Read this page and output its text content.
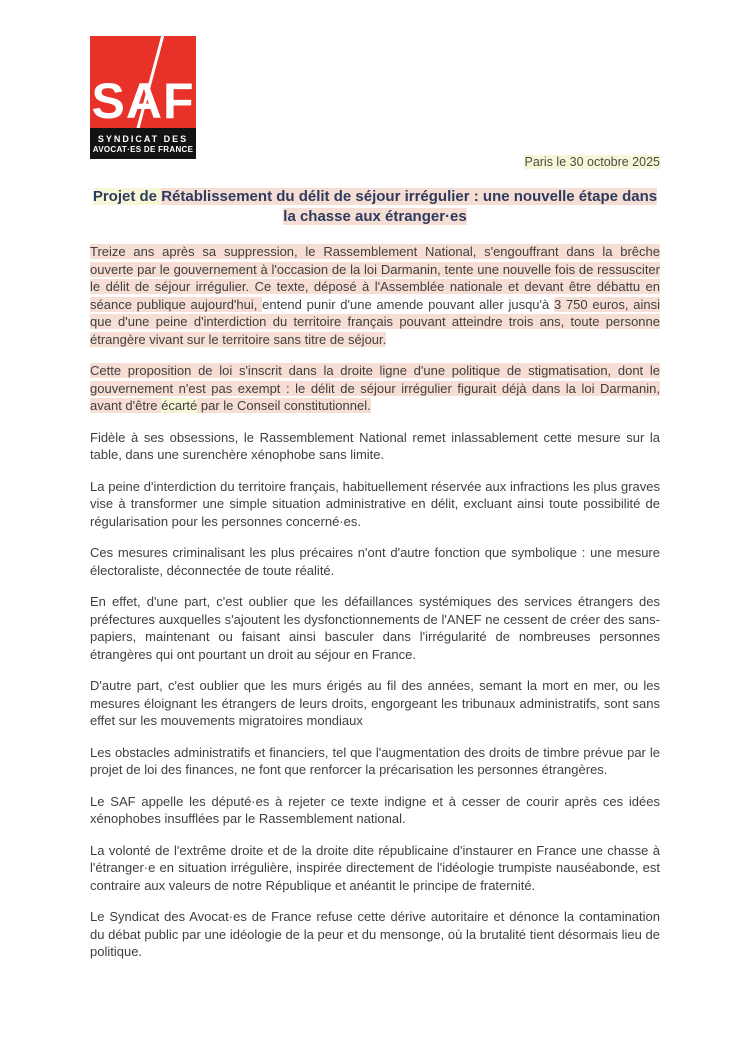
SAF
SYNDICAT DES
AVOCAT·ES DE FRANCE
Paris le 30 octobre 2025
Projet de Rétablissement du délit de séjour irrégulier : une nouvelle étape dans la chasse aux étranger·es

Treize ans après sa suppression, le Rassemblement National, s'engouffrant dans la brêche ouverte par le gouvernement à l'occasion de la loi Darmanin, tente une nouvelle fois de ressusciter le délit de séjour irrégulier. Ce texte, déposé à l'Assemblée nationale et devant être débattu en séance publique aujourd'hui, entend punir d'une amende pouvant aller jusqu'à 3 750 euros, ainsi que d'une peine d'interdiction du territoire français pouvant atteindre trois ans, toute personne étrangère vivant sur le territoire sans titre de séjour.

Cette proposition de loi s'inscrit dans la droite ligne d'une politique de stigmatisation, dont le gouvernement n'est pas exempt : le délit de séjour irrégulier figurait déjà dans la loi Darmanin, avant d'être écarté par le Conseil constitutionnel.

Fidèle à ses obsessions, le Rassemblement National remet inlassablement cette mesure sur la table, dans une surenchère xénophobe sans limite.

La peine d'interdiction du territoire français, habituellement réservée aux infractions les plus graves vise à transformer une simple situation administrative en délit, excluant ainsi toute possibilité de régularisation pour les personnes concerné·es.

Ces mesures criminalisant les plus précaires n'ont d'autre fonction que symbolique : une mesure électoraliste, déconnectée de toute réalité.

En effet, d'une part, c'est oublier que les défaillances systémiques des services étrangers des préfectures auxquelles s'ajoutent les dysfonctionnements de l'ANEF ne cessent de créer des sans-papiers, maintenant ou faisant ainsi basculer dans l'irrégularité de nombreuses personnes étrangères qui ont pourtant un droit au séjour en France.

D'autre part, c'est oublier que les murs érigés au fil des années, semant la mort en mer, ou les mesures éloignant les étrangers de leurs droits, engorgeant les tribunaux administratifs, sont sans effet sur les mouvements migratoires mondiaux

Les obstacles administratifs et financiers, tel que l'augmentation des droits de timbre prévue par le projet de loi des finances, ne font que renforcer la précarisation les personnes étrangères.

Le SAF appelle les député·es à rejeter ce texte indigne et à cesser de courir après ces idées xénophobes insufflées par le Rassemblement national.

La volonté de l'extrême droite et de la droite dite républicaine d'instaurer en France une chasse à l'étranger·e en situation irrégulière, inspirée directement de l'idéologie trumpiste nauséabonde, est contraire aux valeurs de notre République et anéantit le principe de fraternité.

Le Syndicat des Avocat·es de France refuse cette dérive autoritaire et dénonce la contamination du débat public par une idéologie de la peur et du mensonge, où la brutalité tient désormais lieu de politique.
